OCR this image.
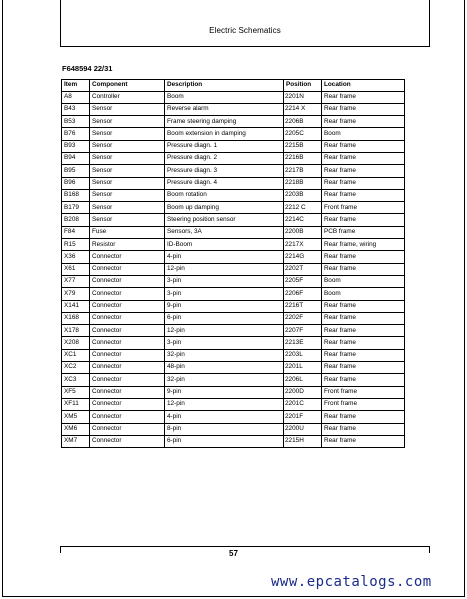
Electric Schematics
F648594 22/31
Item	Component	Description	Position	Location
A8	Controller	Boom	2201N	Rear frame
B43	Sensor	Reverse alarm	2214 X	Rear frame
B53	Sensor	Frame steering damping	2206B	Rear frame
B76	Sensor	Boom extension in damping	2205C	Boom
B93	Sensor	Pressure diagn. 1	2215B	Rear frame
B94	Sensor	Pressure diagn. 2	2216B	Rear frame
B95	Sensor	Pressure diagn. 3	2217B	Rear frame
B96	Sensor	Pressure diagn. 4	2218B	Rear frame
B168	Sensor	Boom rotation	2203B	Rear frame
B179	Sensor	Boom up damping	2212 C	Front frame
B208	Sensor	Steering position sensor	2214C	Rear frame
F84	Fuse	Sensors, 3A	2200B	PCB frame
R15	Resistor	ID-Boom	2217X	Rear frame, wiring
X36	Connector	4-pin	2214G	Rear frame
X61	Connector	12-pin	2202T	Rear frame
X77	Connector	3-pin	2205F	Boom
X79	Connector	3-pin	2206F	Boom
X141	Connector	9-pin	2216T	Rear frame
X168	Connector	6-pin	2202F	Rear frame
X178	Connector	12-pin	2207F	Rear frame
X208	Connector	3-pin	2213E	Rear frame
XC1	Connector	32-pin	2203L	Rear frame
XC2	Connector	48-pin	2201L	Rear frame
XC3	Connector	32-pin	2206L	Rear frame
XF5	Connector	9-pin	2200D	Front frame
XF11	Connector	12-pin	2201C	Front frame
XM5	Connector	4-pin	2201F	Rear frame
XM6	Connector	8-pin	2200U	Rear frame
XM7	Connector	6-pin	2215H	Rear frame
57
www.epcatalogs.com
